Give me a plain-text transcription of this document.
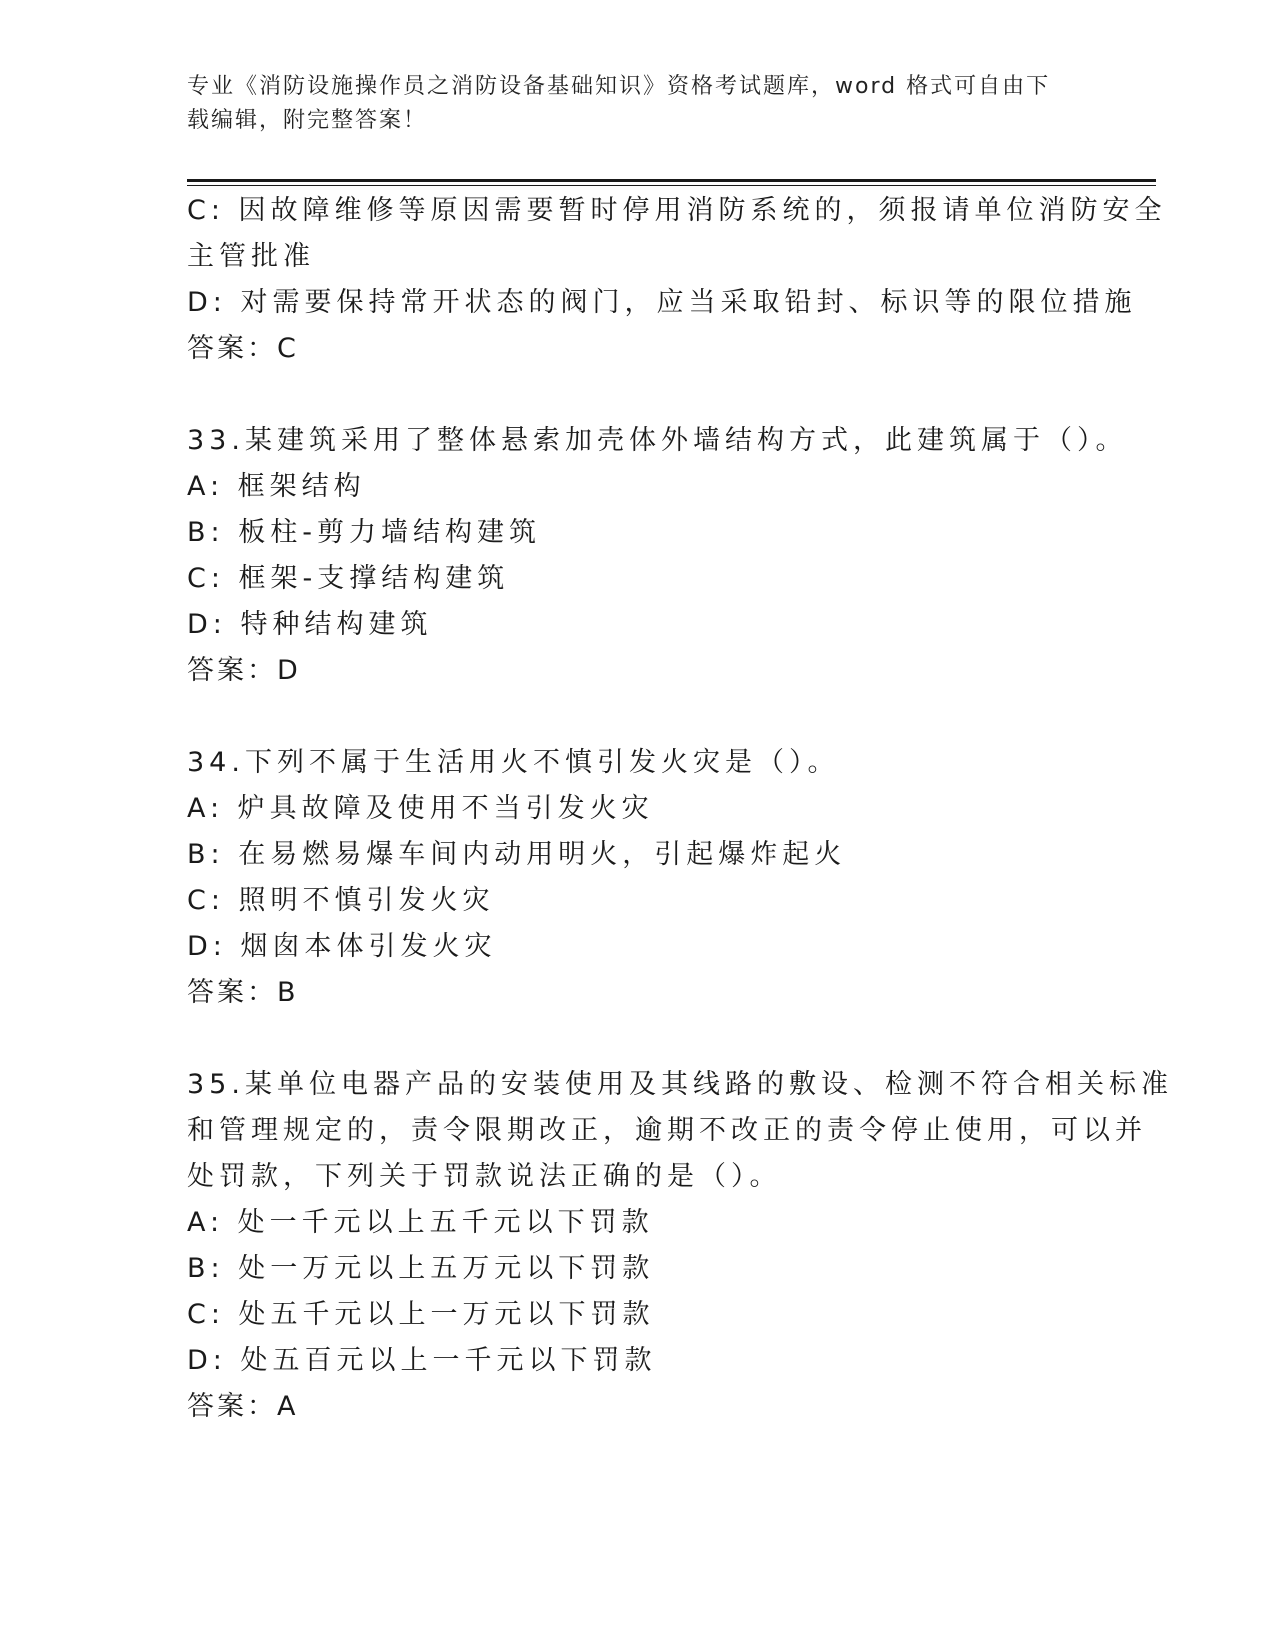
专业《消防设施操作员之消防设备基础知识》资格考试题库，word 格式可自由下
载编辑，附完整答案！
C: 因故障维修等原因需要暂时停用消防系统的，须报请单位消防安全
主管批准
D: 对需要保持常开状态的阀门，应当采取铅封、标识等的限位措施
答案：C
33.某建筑采用了整体悬索加壳体外墙结构方式，此建筑属于（）。
A: 框架结构
B: 板柱-剪力墙结构建筑
C: 框架-支撑结构建筑
D: 特种结构建筑
答案：D
34.下列不属于生活用火不慎引发火灾是（）。
A: 炉具故障及使用不当引发火灾
B: 在易燃易爆车间内动用明火，引起爆炸起火
C: 照明不慎引发火灾
D: 烟囱本体引发火灾
答案：B
35.某单位电器产品的安装使用及其线路的敷设、检测不符合相关标准
和管理规定的，责令限期改正，逾期不改正的责令停止使用，可以并
处罚款，下列关于罚款说法正确的是（）。
A: 处一千元以上五千元以下罚款
B: 处一万元以上五万元以下罚款
C: 处五千元以上一万元以下罚款
D: 处五百元以上一千元以下罚款
答案：A
